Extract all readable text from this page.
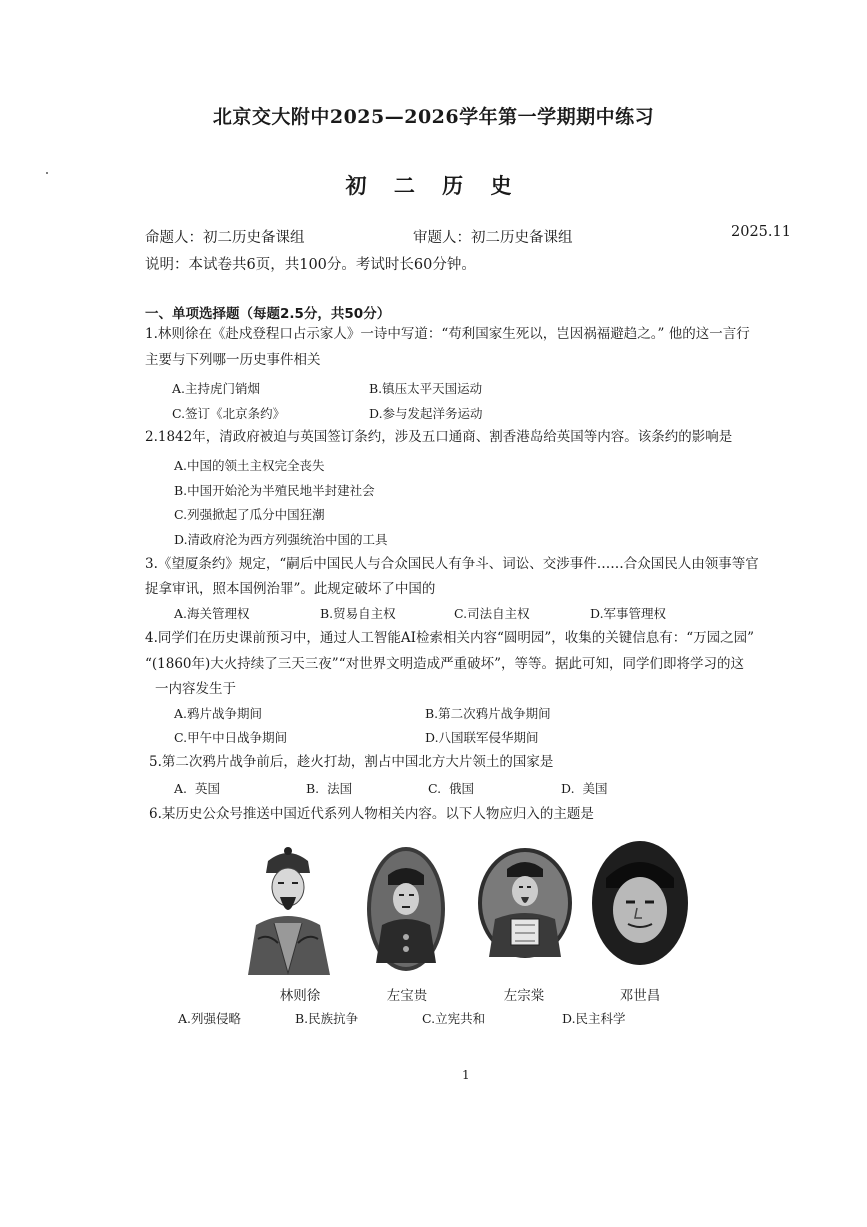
北京交大附中2025—2026学年第一学期期中练习
初 二 历 史
命题人：初二历史备课组	审题人：初二历史备课组	2025.11
说明：本试卷共6页，共100分。考试时长60分钟。
一、单项选择题（每题2.5分，共50分）
1.林则徐在《赴戍登程口占示家人》一诗中写道：“苟利国家生死以，岂因祸福避趋之。” 他的这一言行
主要与下列哪一历史事件相关
A.主持虎门销烟	B.镇压太平天国运动
C.签订《北京条约》	D.参与发起洋务运动
2.1842年，清政府被迫与英国签订条约，涉及五口通商、割香港岛给英国等内容。该条约的影响是
A.中国的领土主权完全丧失
B.中国开始沦为半殖民地半封建社会
C.列强掀起了瓜分中国狂潮
D.清政府沦为西方列强统治中国的工具
3.《望厦条约》规定，“嗣后中国民人与合众国民人有争斗、词讼、交涉事件……合众国民人由领事等官
捉拿审讯，照本国例治罪”。此规定破坏了中国的
A.海关管理权	B.贸易自主权	C.司法自主权	D.军事管理权
4.同学们在历史课前预习中，通过人工智能AI检索相关内容“圆明园”，收集的关键信息有：“万园之园”
“(1860年)大火持续了三天三夜”“对世界文明造成严重破坏”，等等。据此可知，同学们即将学习的这
一内容发生于
A.鸦片战争期间	B.第二次鸦片战争期间
C.甲午中日战争期间	D.八国联军侵华期间
5.第二次鸦片战争前后，趁火打劫，割占中国北方大片领土的国家是
A.  英国	B.  法国	C.  俄国	D.  美国
6.某历史公众号推送中国近代系列人物相关内容。以下人物应归入的主题是
林则徐	左宝贵	左宗棠	邓世昌
A.列强侵略	B.民族抗争	C.立宪共和	D.民主科学
1
